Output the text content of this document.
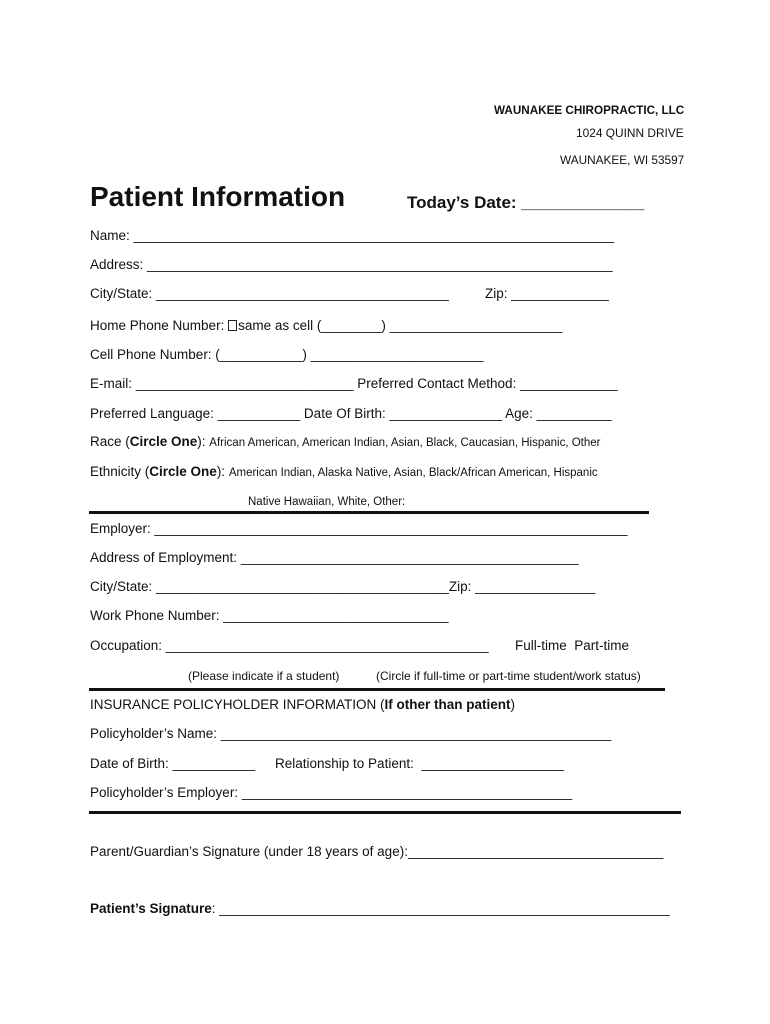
WAUNAKEE CHIROPRACTIC, LLC
1024 QUINN DRIVE
WAUNAKEE, WI 53597
Patient Information	Today’s Date: _____________
Name: ________________________________________________________________
Address: ______________________________________________________________
City/State: _______________________________________	Zip: _____________
Home Phone Number: same as cell (________) _______________________
Cell Phone Number: (___________) _______________________
E-mail: _____________________________ Preferred Contact Method: _____________
Preferred Language: ___________ Date Of Birth: _______________ Age: __________
Race (Circle One): African American, American Indian, Asian, Black, Caucasian, Hispanic, Other
Ethnicity (Circle One): American Indian, Alaska Native, Asian, Black/African American, Hispanic
Native Hawaiian, White, Other:
Employer: _______________________________________________________________
Address of Employment: _____________________________________________
City/State: _______________________________________Zip: ________________
Work Phone Number: ______________________________
Occupation: ___________________________________________ Full-time  Part-time
(Please indicate if a student)	(Circle if full-time or part-time student/work status)
INSURANCE POLICYHOLDER INFORMATION (If other than patient)
Policyholder’s Name: ____________________________________________________
Date of Birth: ___________ Relationship to Patient:  ___________________
Policyholder’s Employer: ____________________________________________
Parent/Guardian’s Signature (under 18 years of age):__________________________________
Patient’s Signature: ____________________________________________________________
